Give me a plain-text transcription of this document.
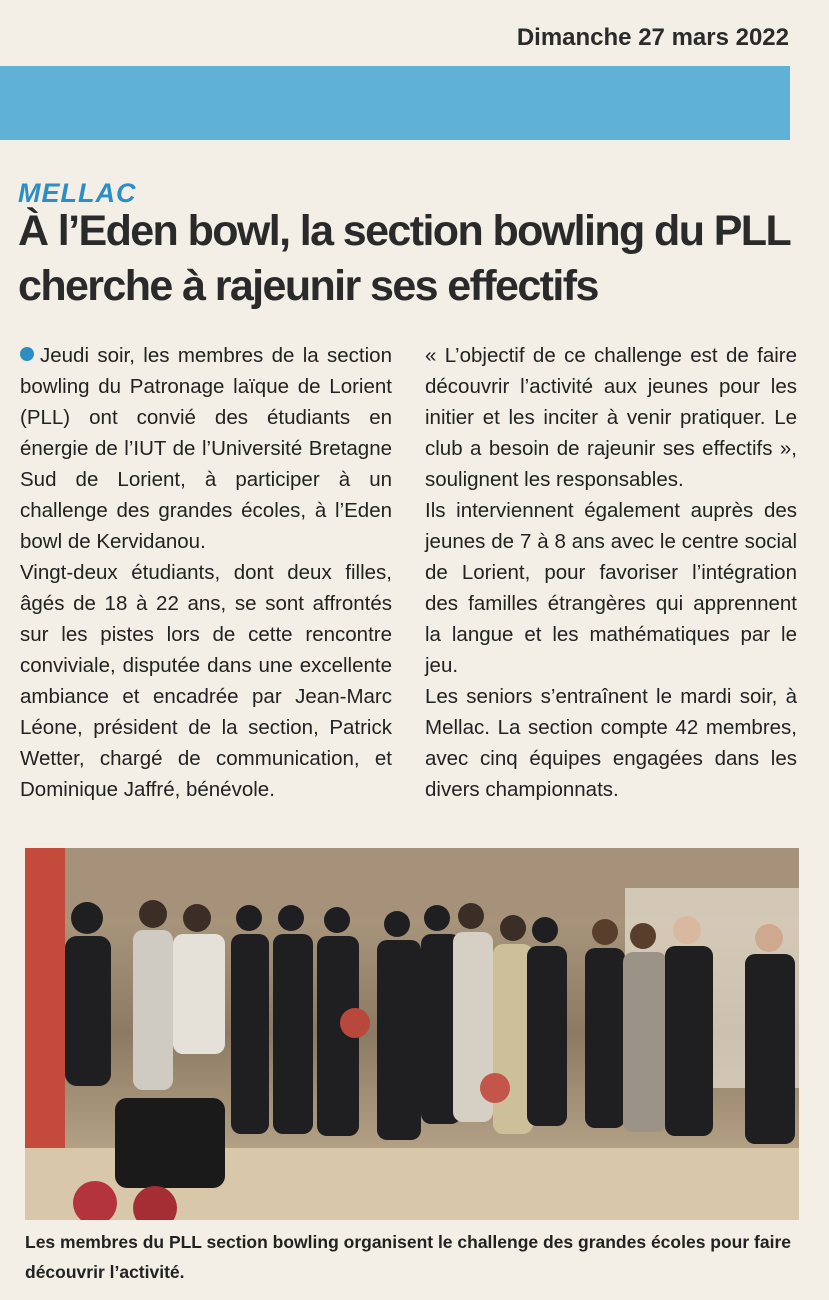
Dimanche 27 mars 2022
MELLAC
À l’Eden bowl, la section bowling du PLL cherche à rajeunir ses effectifs

Jeudi soir, les membres de la section bowling du Patronage laïque de Lorient (PLL) ont convié des étudiants en énergie de l’IUT de l’Université Bretagne Sud de Lorient, à participer à un challenge des grandes écoles, à l’Eden bowl de Kervidanou.

Vingt-deux étudiants, dont deux filles, âgés de 18 à 22 ans, se sont affrontés sur les pistes lors de cette rencontre conviviale, disputée dans une excellente ambiance et encadrée par Jean-Marc Léone, président de la section, Patrick Wetter, chargé de communication, et Dominique Jaffré, bénévole.

« L’objectif de ce challenge est de faire découvrir l’activité aux jeunes pour les initier et les inciter à venir pratiquer. Le club a besoin de rajeunir ses effectifs », soulignent les responsables.

Ils interviennent également auprès des jeunes de 7 à 8 ans avec le centre social de Lorient, pour favoriser l’intégration des familles étrangères qui apprennent la langue et les mathématiques par le jeu.

Les seniors s’entraînent le mardi soir, à Mellac. La section compte 42 membres, avec cinq équipes engagées dans les divers championnats.

Les membres du PLL section bowling organisent le challenge des grandes écoles pour faire découvrir l’activité.
